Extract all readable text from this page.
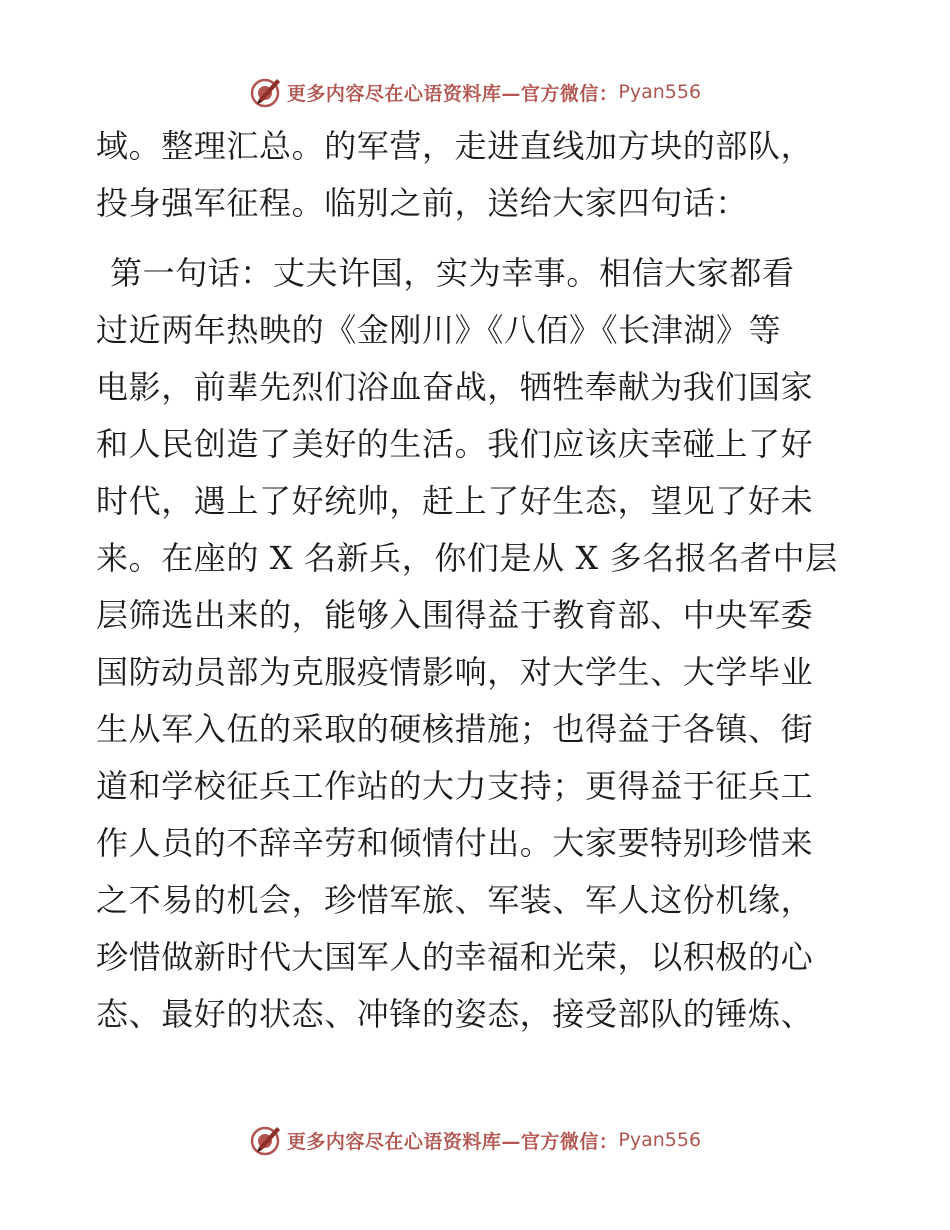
更多内容尽在心语资料库—官方微信： Pyan556
域。整理汇总。的军营，走进直线加方块的部队，
投身强军征程。临别之前，送给大家四句话：
第一句话：丈夫许国，实为幸事。相信大家都看
过近两年热映的《金刚川》《八佰》《长津湖》等
电影，前辈先烈们浴血奋战，牺牲奉献为我们国家
和人民创造了美好的生活。我们应该庆幸碰上了好
时代，遇上了好统帅，赶上了好生态，望见了好未
来。在座的 X 名新兵，你们是从 X 多名报名者中层
层筛选出来的，能够入围得益于教育部、中央军委
国防动员部为克服疫情影响，对大学生、大学毕业
生从军入伍的采取的硬核措施；也得益于各镇、街
道和学校征兵工作站的大力支持；更得益于征兵工
作人员的不辞辛劳和倾情付出。大家要特别珍惜来
之不易的机会，珍惜军旅、军装、军人这份机缘，
珍惜做新时代大国军人的幸福和光荣，以积极的心
态、最好的状态、冲锋的姿态，接受部队的锤炼、
更多内容尽在心语资料库—官方微信： Pyan556
